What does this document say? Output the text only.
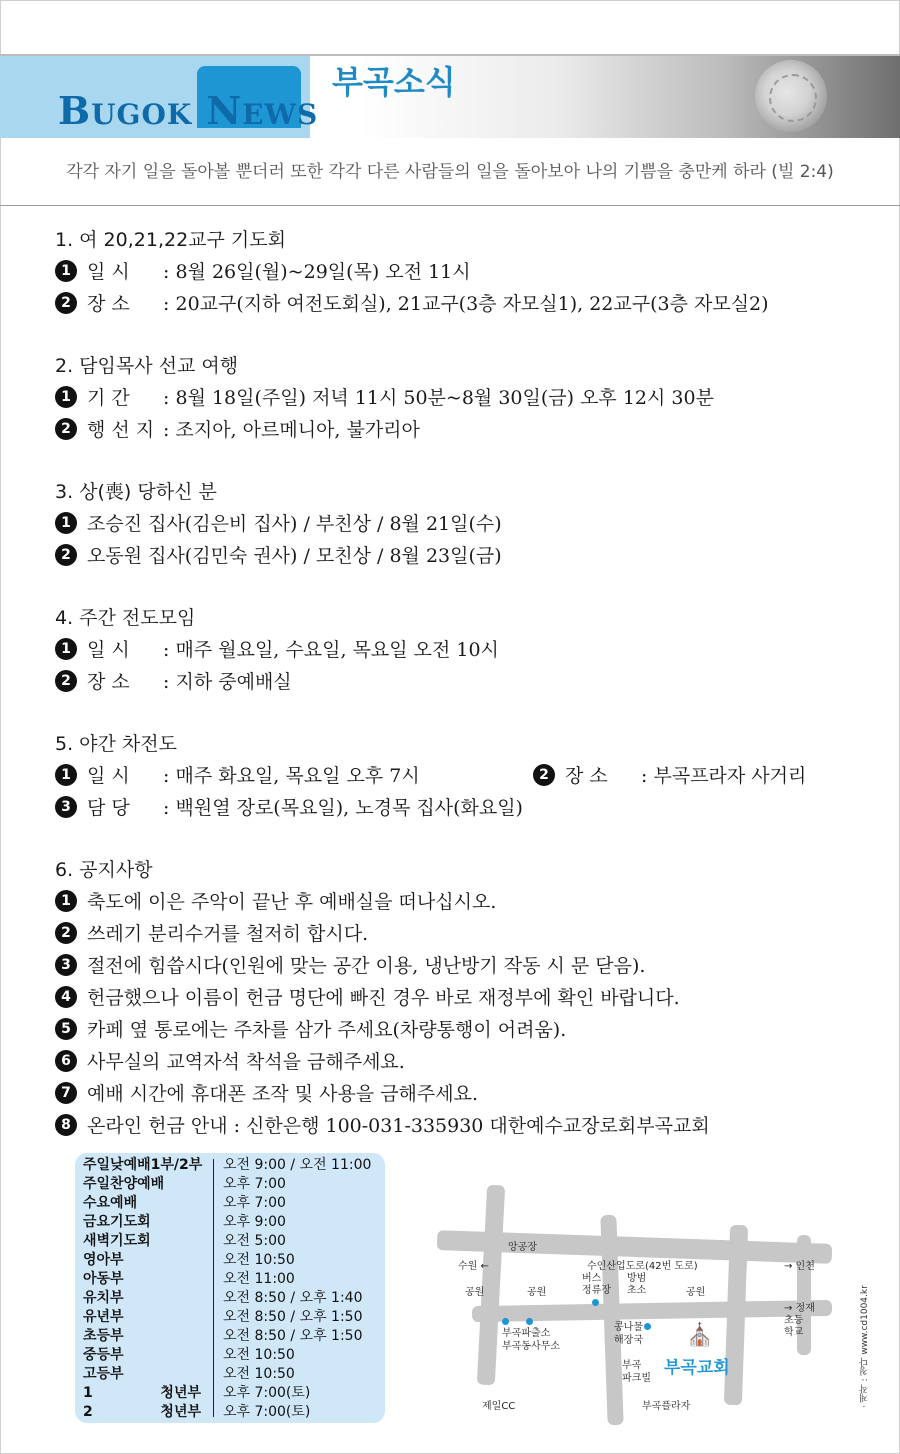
BUGOK NEWS
부곡소식
각각 자기 일을 돌아볼 뿐더러 또한 각각 다른 사람들의 일을 돌아보아 나의 기쁨을 충만케 하라 (빌 2:4)
1. 여 20,21,22교구 기도회
1 일 시 : 8월 26일(월)~29일(목) 오전 11시
2 장 소 : 20교구(지하 여전도회실), 21교구(3층 자모실1), 22교구(3층 자모실2)
2. 담임목사 선교 여행
1 기 간 : 8월 18일(주일) 저녁 11시 50분~8월 30일(금) 오후 12시 30분
2 행 선 지 : 조지아, 아르메니아, 불가리아
3. 상(喪) 당하신 분
1 조승진 집사(김은비 집사) / 부친상 / 8월 21일(수)
2 오동원 집사(김민숙 권사) / 모친상 / 8월 23일(금)
4. 주간 전도모임
1 일 시 : 매주 월요일, 수요일, 목요일 오전 10시
2 장 소 : 지하 중예배실
5. 야간 차전도
1 일 시 : 매주 화요일, 목요일 오후 7시	2 장 소 : 부곡프라자 사거리
3 담 당 : 백원열 장로(목요일), 노경목 집사(화요일)
6. 공지사항
1 축도에 이은 주악이 끝난 후 예배실을 떠나십시오.
2 쓰레기 분리수거를 철저히 합시다.
3 절전에 힘씁시다(인원에 맞는 공간 이용, 냉난방기 작동 시 문 닫음).
4 헌금했으나 이름이 헌금 명단에 빠진 경우 바로 재정부에 확인 바랍니다.
5 카페 옆 통로에는 주차를 삼가 주세요(차량통행이 어려움).
6 사무실의 교역자석 착석을 금해주세요.
7 예배 시간에 휴대폰 조작 및 사용을 금해주세요.
8 온라인 헌금 안내 : 신한은행 100-031-335930 대한예수교장로회부곡교회
주일낮예배1부/2부 오전 9:00 / 오전 11:00
주일찬양예배	오후 7:00
수요예배	오후 7:00
금요기도회	오후 9:00
새벽기도회	오전 5:00
영아부	오전 10:50
아동부	오전 11:00
유치부	오전 8:50 / 오후 1:40
유년부	오전 8:50 / 오후 1:50
초등부	오전 8:50 / 오후 1:50
중등부	오전 10:50
고등부	오전 10:50
1 청년부 오후 7:00(토)
2 청년부 오후 7:00(토)
앙공장
수원 ←	수인산업도로(42번 도로)	→ 인천
공원	공원	공원
버스
정류장
방범
초소
→ 정재
초등
학교
부곡파출소
부곡동사무소
콩나물
해장국
부곡
파크빌
제일CC	부곡플라자
⛪
부곡교회	· 제작 : 청다 www.cd1004.kr
